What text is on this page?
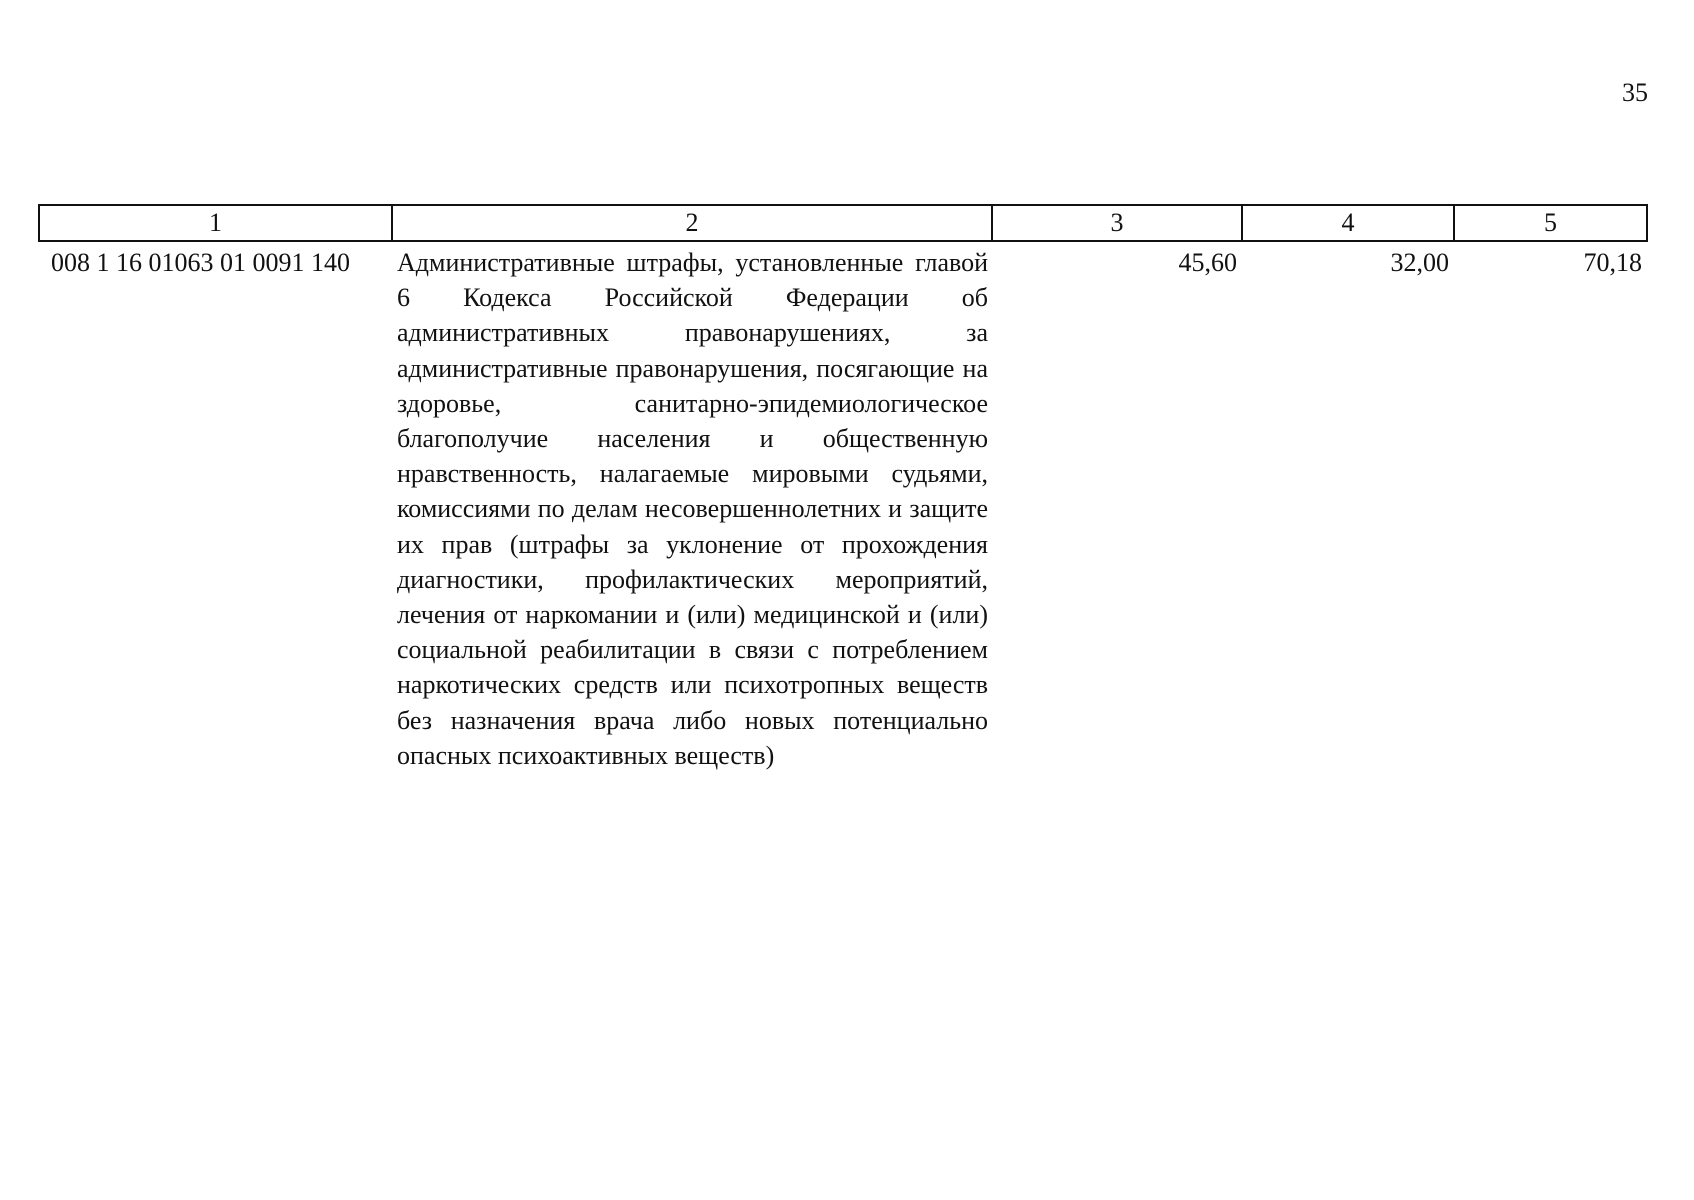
35
1	2	3	4	5
008 1 16 01063 01 0091 140	Административные штрафы, установленные главой 6 Кодекса Российской Федерации об административных правонарушениях, за административные правонарушения, посягающие на здоровье, санитарно-эпидемиологическое благополучие населения и общественную нравственность, налагаемые мировыми судьями, комиссиями по делам несовершеннолетних и защите их прав (штрафы за уклонение от прохождения диагностики, профилактических мероприятий, лечения от наркомании и (или) медицинской и (или) социальной реабилитации в связи с потреблением наркотических средств или психотропных веществ без назначения врача либо новых потенциально опасных психоактивных веществ)	45,60	32,00	70,18
